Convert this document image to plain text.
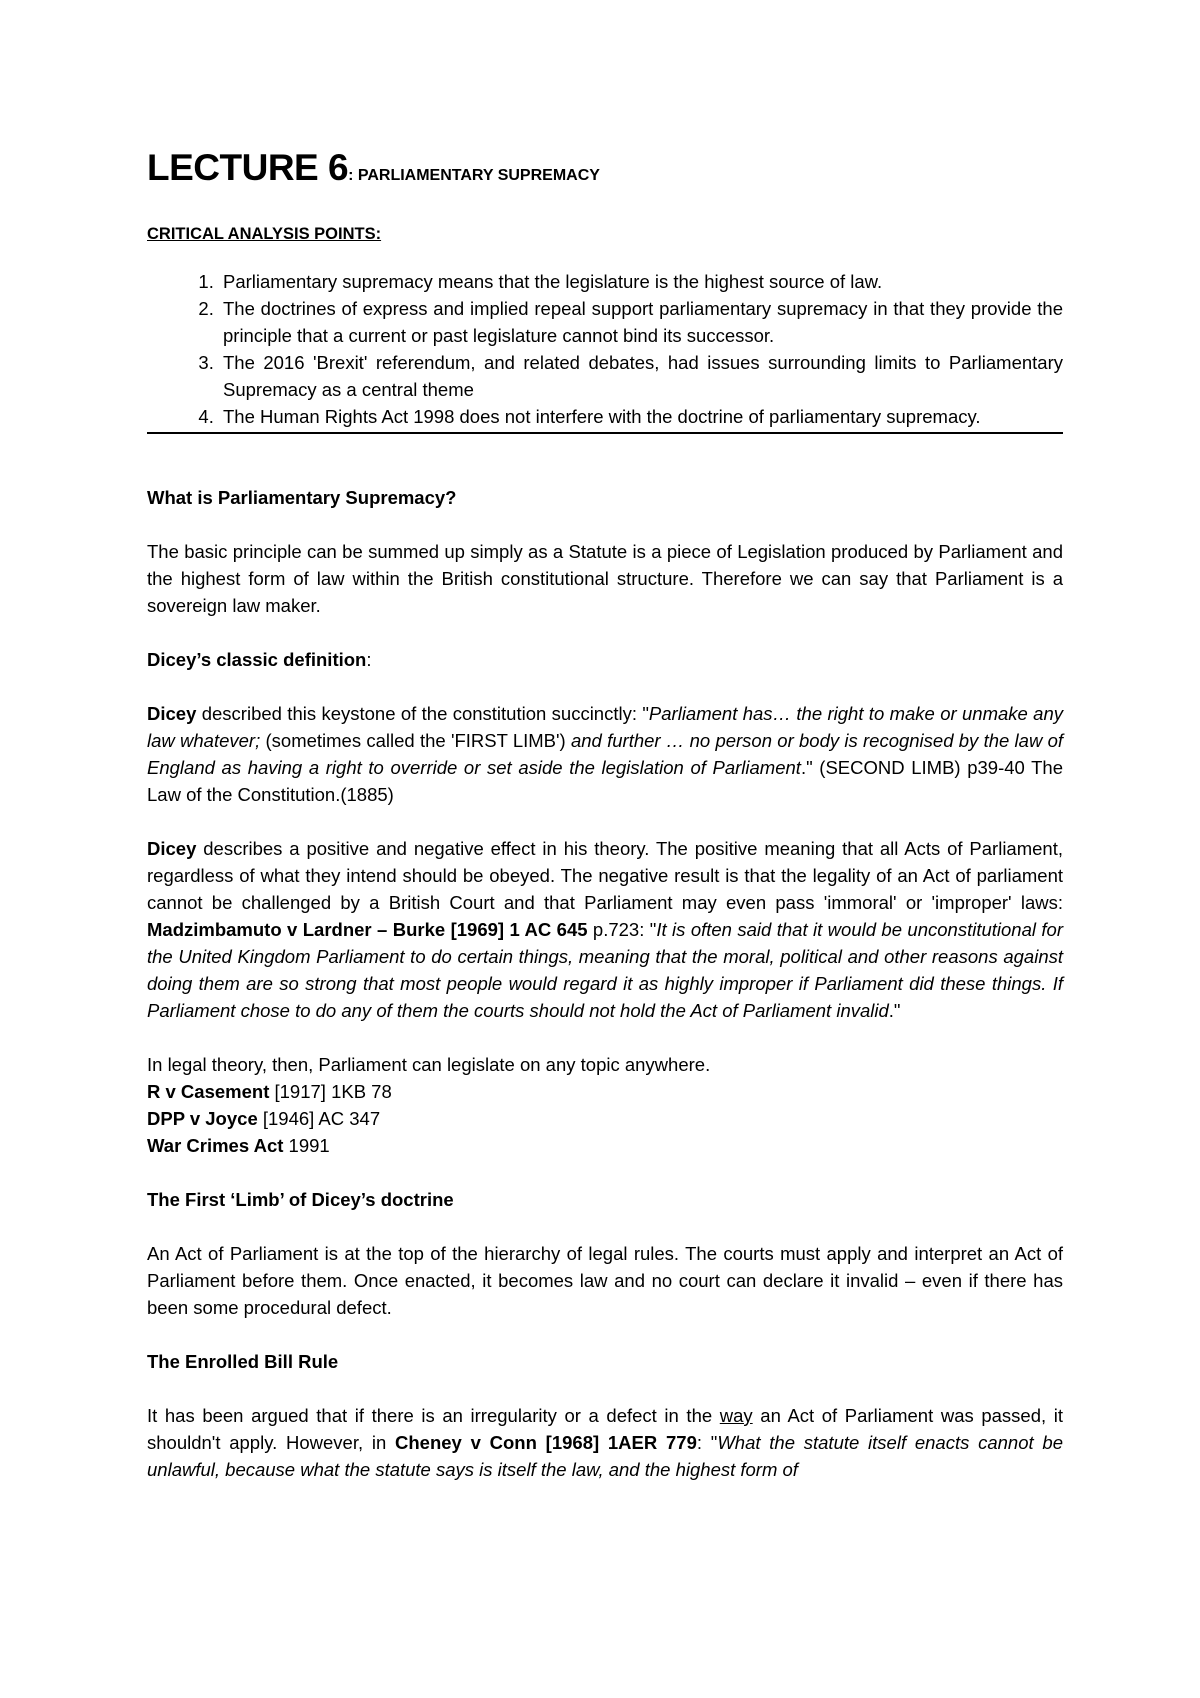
LECTURE 6: PARLIAMENTARY SUPREMACY
CRITICAL ANALYSIS POINTS:
1. Parliamentary supremacy means that the legislature is the highest source of law.
2. The doctrines of express and implied repeal support parliamentary supremacy in that they provide the principle that a current or past legislature cannot bind its successor.
3. The 2016 'Brexit' referendum, and related debates, had issues surrounding limits to Parliamentary Supremacy as a central theme
4. The Human Rights Act 1998 does not interfere with the doctrine of parliamentary supremacy.
What is Parliamentary Supremacy?

The basic principle can be summed up simply as a Statute is a piece of Legislation produced by Parliament and the highest form of law within the British constitutional structure. Therefore we can say that Parliament is a sovereign law maker.

Dicey’s classic definition:

Dicey described this keystone of the constitution succinctly: "Parliament has… the right to make or unmake any law whatever; (sometimes called the 'FIRST LIMB') and further … no person or body is recognised by the law of England as having a right to override or set aside the legislation of Parliament." (SECOND LIMB) p39-40 The Law of the Constitution.(1885)

Dicey describes a positive and negative effect in his theory. The positive meaning that all Acts of Parliament, regardless of what they intend should be obeyed. The negative result is that the legality of an Act of parliament cannot be challenged by a British Court and that Parliament may even pass 'immoral' or 'improper' laws: Madzimbamuto v Lardner – Burke [1969] 1 AC 645 p.723: "It is often said that it would be unconstitutional for the United Kingdom Parliament to do certain things, meaning that the moral, political and other reasons against doing them are so strong that most people would regard it as highly improper if Parliament did these things. If Parliament chose to do any of them the courts should not hold the Act of Parliament invalid."

In legal theory, then, Parliament can legislate on any topic anywhere.
R v Casement [1917] 1KB 78
DPP v Joyce [1946] AC 347
War Crimes Act 1991

The First ‘Limb’ of Dicey’s doctrine

An Act of Parliament is at the top of the hierarchy of legal rules. The courts must apply and interpret an Act of Parliament before them. Once enacted, it becomes law and no court can declare it invalid – even if there has been some procedural defect.

The Enrolled Bill Rule

It has been argued that if there is an irregularity or a defect in the way an Act of Parliament was passed, it shouldn't apply. However, in Cheney v Conn [1968] 1AER 779: "What the statute itself enacts cannot be unlawful, because what the statute says is itself the law, and the highest form of
